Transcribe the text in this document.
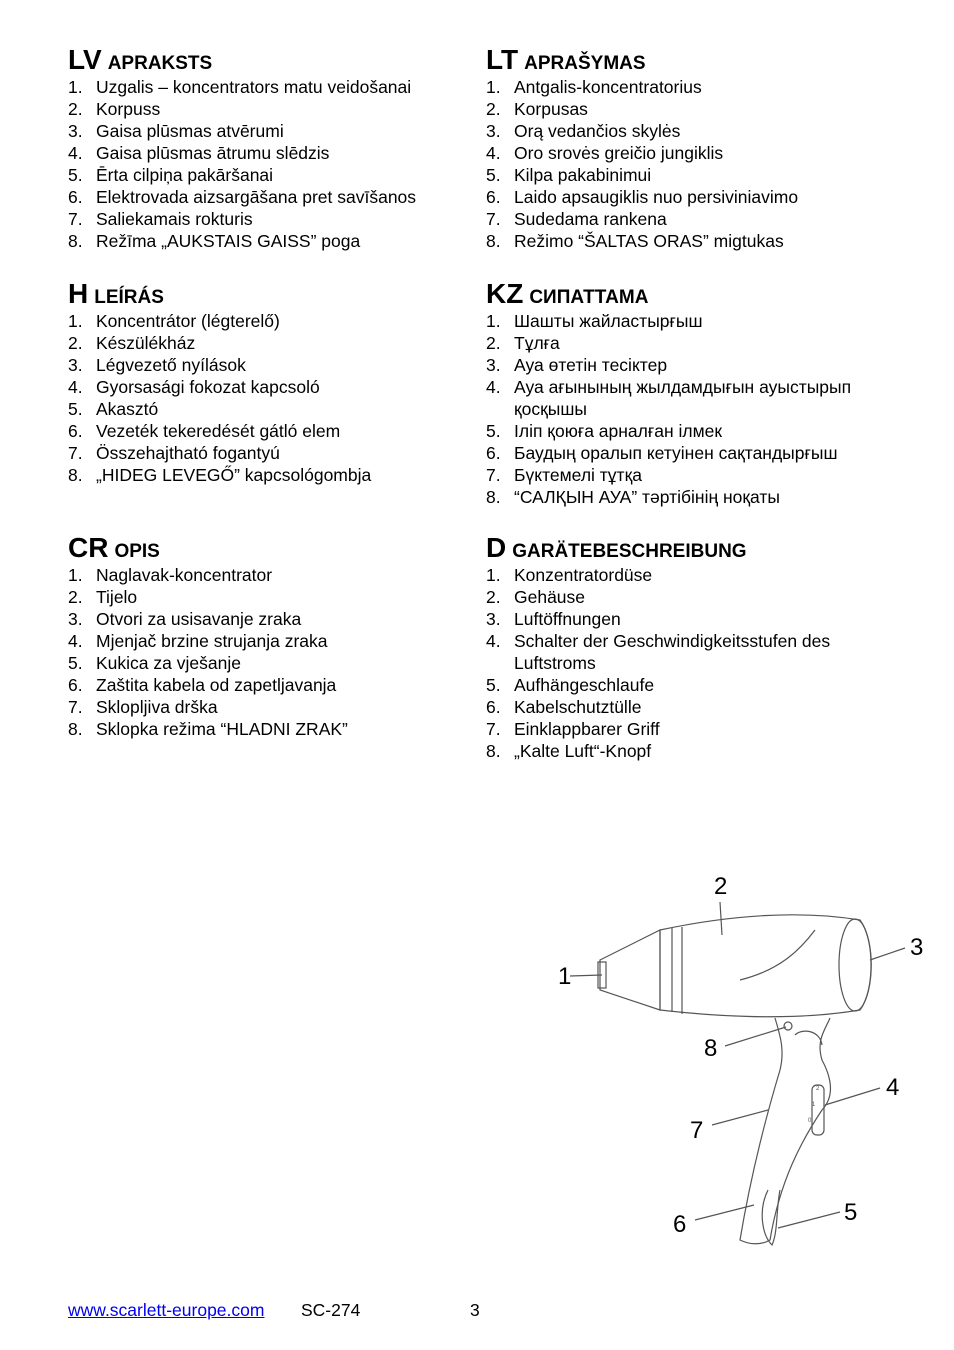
LV APRAKSTS
1. Uzgalis – koncentrators matu veidošanai
2. Korpuss
3. Gaisa plūsmas atvērumi
4. Gaisa plūsmas ātrumu slēdzis
5. Ērta cilpiņa pakāršanai
6. Elektrovada aizsargāšana pret savīšanos
7. Saliekamais rokturis
8. Režīma „AUKSTAIS GAISS” poga
H LEÍRÁS
1. Koncentrátor (légterelő)
2. Készülékház
3. Légvezető nyílások
4. Gyorsasági fokozat kapcsoló
5. Akasztó
6. Vezeték tekeredését gátló elem
7. Összehajtható fogantyú
8. „HIDEG LEVEGŐ” kapcsológombja
CR OPIS
1. Naglavak-koncentrator
2. Tijelo
3. Otvori za usisavanje zraka
4. Mjenjač brzine strujanja zraka
5. Kukica za vješanje
6. Zaštita kabela od zapetljavanja
7. Sklopljiva drška
8. Sklopka režima “HLADNI ZRAK”
LT APRAŠYMAS
1. Antgalis-koncentratorius
2. Korpusas
3. Orą vedančios skylės
4. Oro srovės greičio jungiklis
5. Kilpa pakabinimui
6. Laido apsaugiklis nuo persiviniavimo
7. Sudedama rankena
8. Režimo “ŠALTAS ORAS” migtukas
KZ СИПАТТАМА
1. Шашты жайластырғыш
2. Тұлға
3. Ауа өтетін тесіктер
4. Ауа ағынының жылдамдығын ауыстырып қосқышы
5. Іліп қоюға арналған ілмек
6. Баудың оралып кетуінен сақтандырғыш
7. Бүктемелі тұтқа
8. “САЛҚЫН АУА” тәртібінің ноқаты
D GARÄTEBESCHREIBUNG
1. Konzentratordüse
2. Gehäuse
3. Luftöffnungen
4. Schalter der Geschwindigkeitsstufen des Luftstroms
5. Aufhängeschlaufe
6. Kabelschutztülle
7. Einklappbarer Griff
8. „Kalte Luft“-Knopf
1
2
3
4
5
6
7
8
2
1
0
www.scarlett-europe.com SC-274	3
